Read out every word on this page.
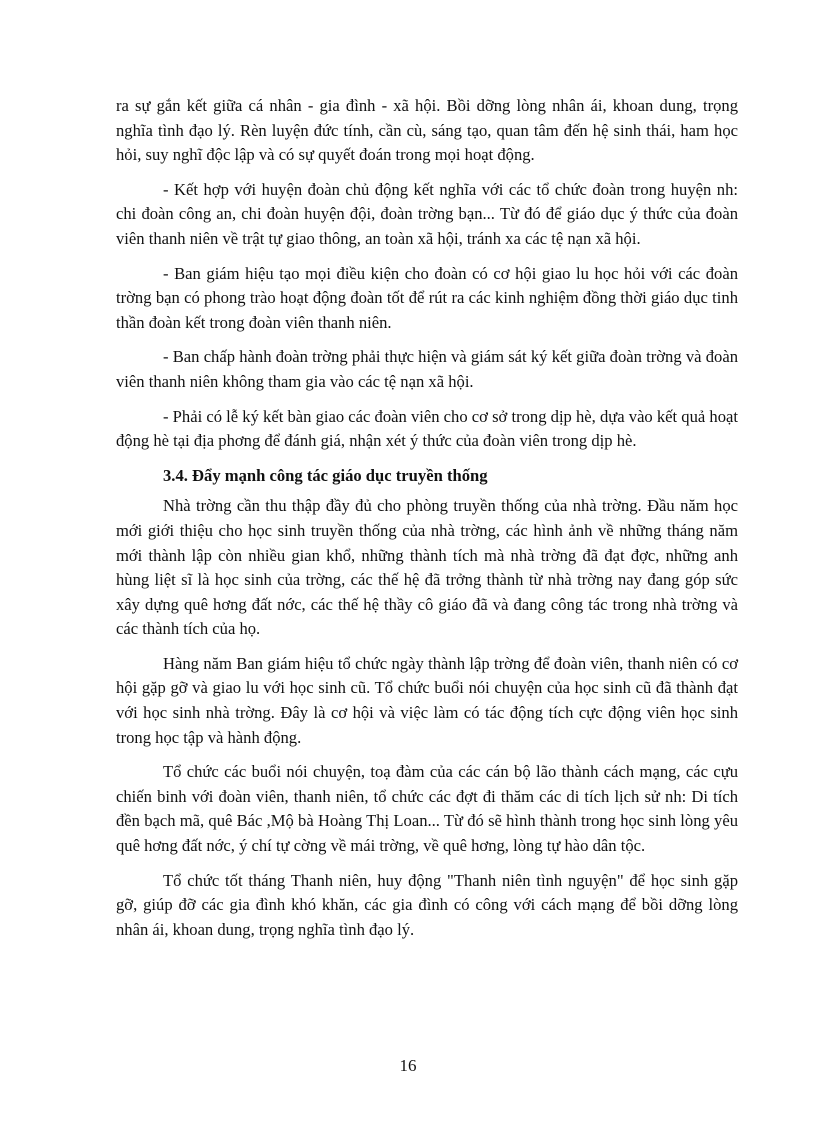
ra sự gắn kết giữa cá nhân - gia đình - xã hội. Bồi dỡng lòng nhân ái, khoan dung, trọng nghĩa tình đạo lý. Rèn luyện đức tính, cần cù, sáng tạo, quan tâm đến hệ sinh thái, ham học hỏi, suy nghĩ độc lập và có sự quyết đoán trong mọi hoạt động.

- Kết hợp với huyện đoàn chủ động kết nghĩa với các tổ chức đoàn trong huyện nh: chi đoàn công an, chi đoàn huyện đội, đoàn trờng bạn... Từ đó để giáo dục ý thức của đoàn viên thanh niên về trật tự giao thông, an toàn xã hội, tránh xa các tệ nạn xã hội.

- Ban giám hiệu tạo mọi điều kiện cho đoàn có cơ hội giao lu học hỏi với các đoàn trờng bạn có phong trào hoạt động đoàn tốt để rút ra các kinh nghiệm đồng thời giáo dục tinh thần đoàn kết trong đoàn viên thanh niên.

- Ban chấp hành đoàn trờng phải thực hiện và giám sát ký kết giữa đoàn trờng và đoàn viên thanh niên không tham gia vào các tệ nạn xã hội.

- Phải có lễ ký kết bàn giao các đoàn viên cho cơ sở trong dịp hè, dựa vào kết quả hoạt động hè tại địa phơng để đánh giá, nhận xét ý thức của đoàn viên trong dịp hè.

3.4. Đẩy mạnh công tác giáo dục truyền thống

Nhà trờng cần thu thập đầy đủ cho phòng truyền thống của nhà trờng. Đầu năm học mới giới thiệu cho học sinh truyền thống của nhà trờng, các hình ảnh về những tháng năm mới thành lập còn nhiều gian khổ, những thành tích mà nhà trờng đã đạt đợc, những anh hùng liệt sĩ là học sinh của trờng, các thế hệ đã trởng thành từ nhà trờng nay đang góp sức xây dựng quê hơng đất nớc, các thế hệ thầy cô giáo đã và đang công tác trong nhà trờng và các thành tích của họ.

Hàng năm Ban giám hiệu tổ chức ngày thành lập trờng để đoàn viên, thanh niên có cơ hội gặp gỡ và giao lu với học sinh cũ. Tổ chức buổi nói chuyện của học sinh cũ đã thành đạt với học sinh nhà trờng. Đây là cơ hội và việc làm có tác động tích cực động viên học sinh trong học tập và hành động.

Tổ chức các buổi nói chuyện, toạ đàm của các cán bộ lão thành cách mạng, các cựu chiến binh với đoàn viên, thanh niên, tổ chức các đợt đi thăm các di tích lịch sử nh: Di tích đền bạch mã, quê Bác ,Mộ bà Hoàng Thị Loan... Từ đó sẽ hình thành trong học sinh lòng yêu quê hơng đất nớc, ý chí tự cờng về mái trờng, về quê hơng, lòng tự hào dân tộc.

Tổ chức tốt tháng Thanh niên, huy động "Thanh niên tình nguyện" để học sinh gặp gỡ, giúp đỡ các gia đình khó khăn, các gia đình có công với cách mạng để bồi dỡng lòng nhân ái, khoan dung, trọng nghĩa tình đạo lý.

16
